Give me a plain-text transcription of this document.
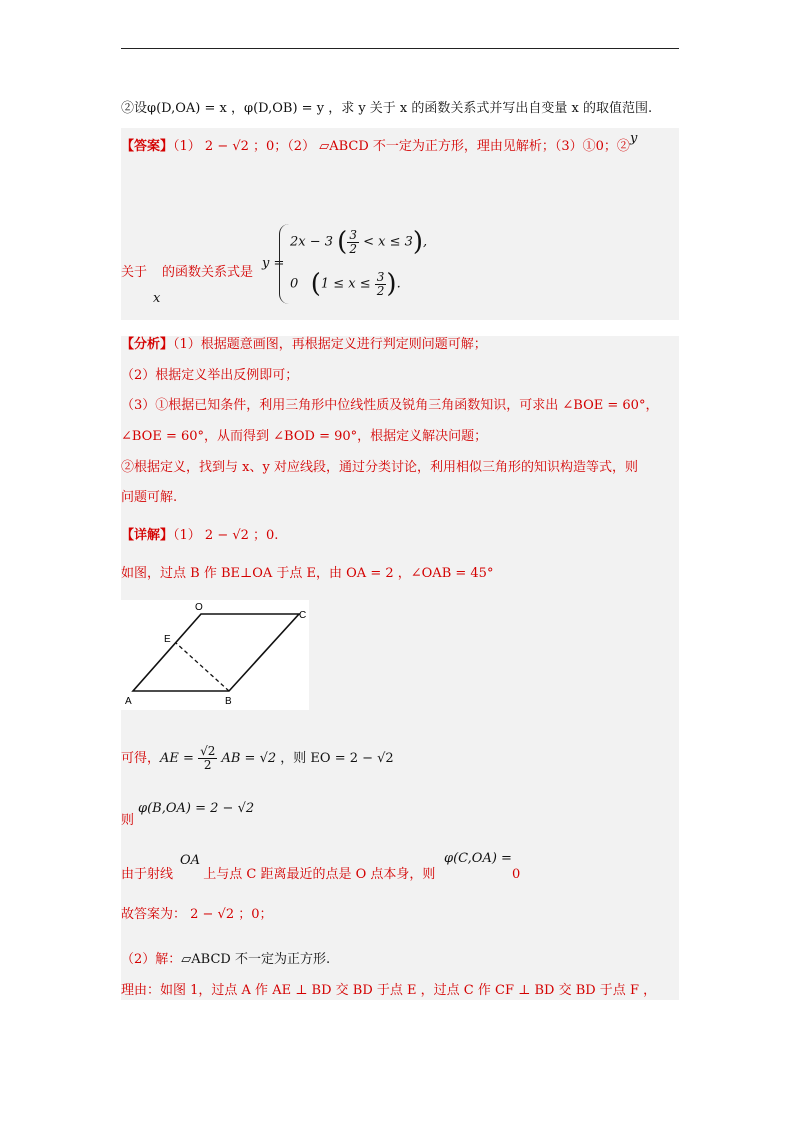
②设φ(D,OA) = x ，φ(D,OB) = y ，求 y 关于 x 的函数关系式并写出自变量 x 的取值范围.
【答案】（1） 2 − √2 ；0；（2） ▱ABCD 不一定为正方形，理由见解析；（3）①0；②y
关于
x
的函数关系式是
y =
2x − 3 ( $\frac{3}{2} < x \le 3$),
0 ($1 \le x \le \frac{3}{2}$ ).
【分析】（1）根据题意画图，再根据定义进行判定则问题可解；
（2）根据定义举出反例即可；
（3）①根据已知条件，利用三角形中位线性质及锐角三角函数知识，可求出 ∠BOE = 60°，
∠BOE = 60°，从而得到 ∠BOD = 90°，根据定义解决问题；
②根据定义，找到与 x、y 对应线段，通过分类讨论，利用相似三角形的知识构造等式，则
问题可解.
【详解】（1） 2 − √2 ；0.
如图，过点 B 作 BE⊥OA 于点 E，由 OA = 2 ，∠OAB = 45°
O
C
E
A	B
可得，AE = $\frac{√2}{2}$ AB = √2 ，则 EO = 2 − √2
φ(B,OA) = 2 − √2
则
OA	φ(C,OA) =
由于射线 上与点 C 距离最近的点是 O 点本身，则	0
故答案为： 2 − √2 ；0；
（2）解：▱ABCD 不一定为正方形.
理由：如图 1，过点 A 作 AE ⊥ BD 交 BD 于点 E ，过点 C 作 CF ⊥ BD 交 BD 于点 F ，
